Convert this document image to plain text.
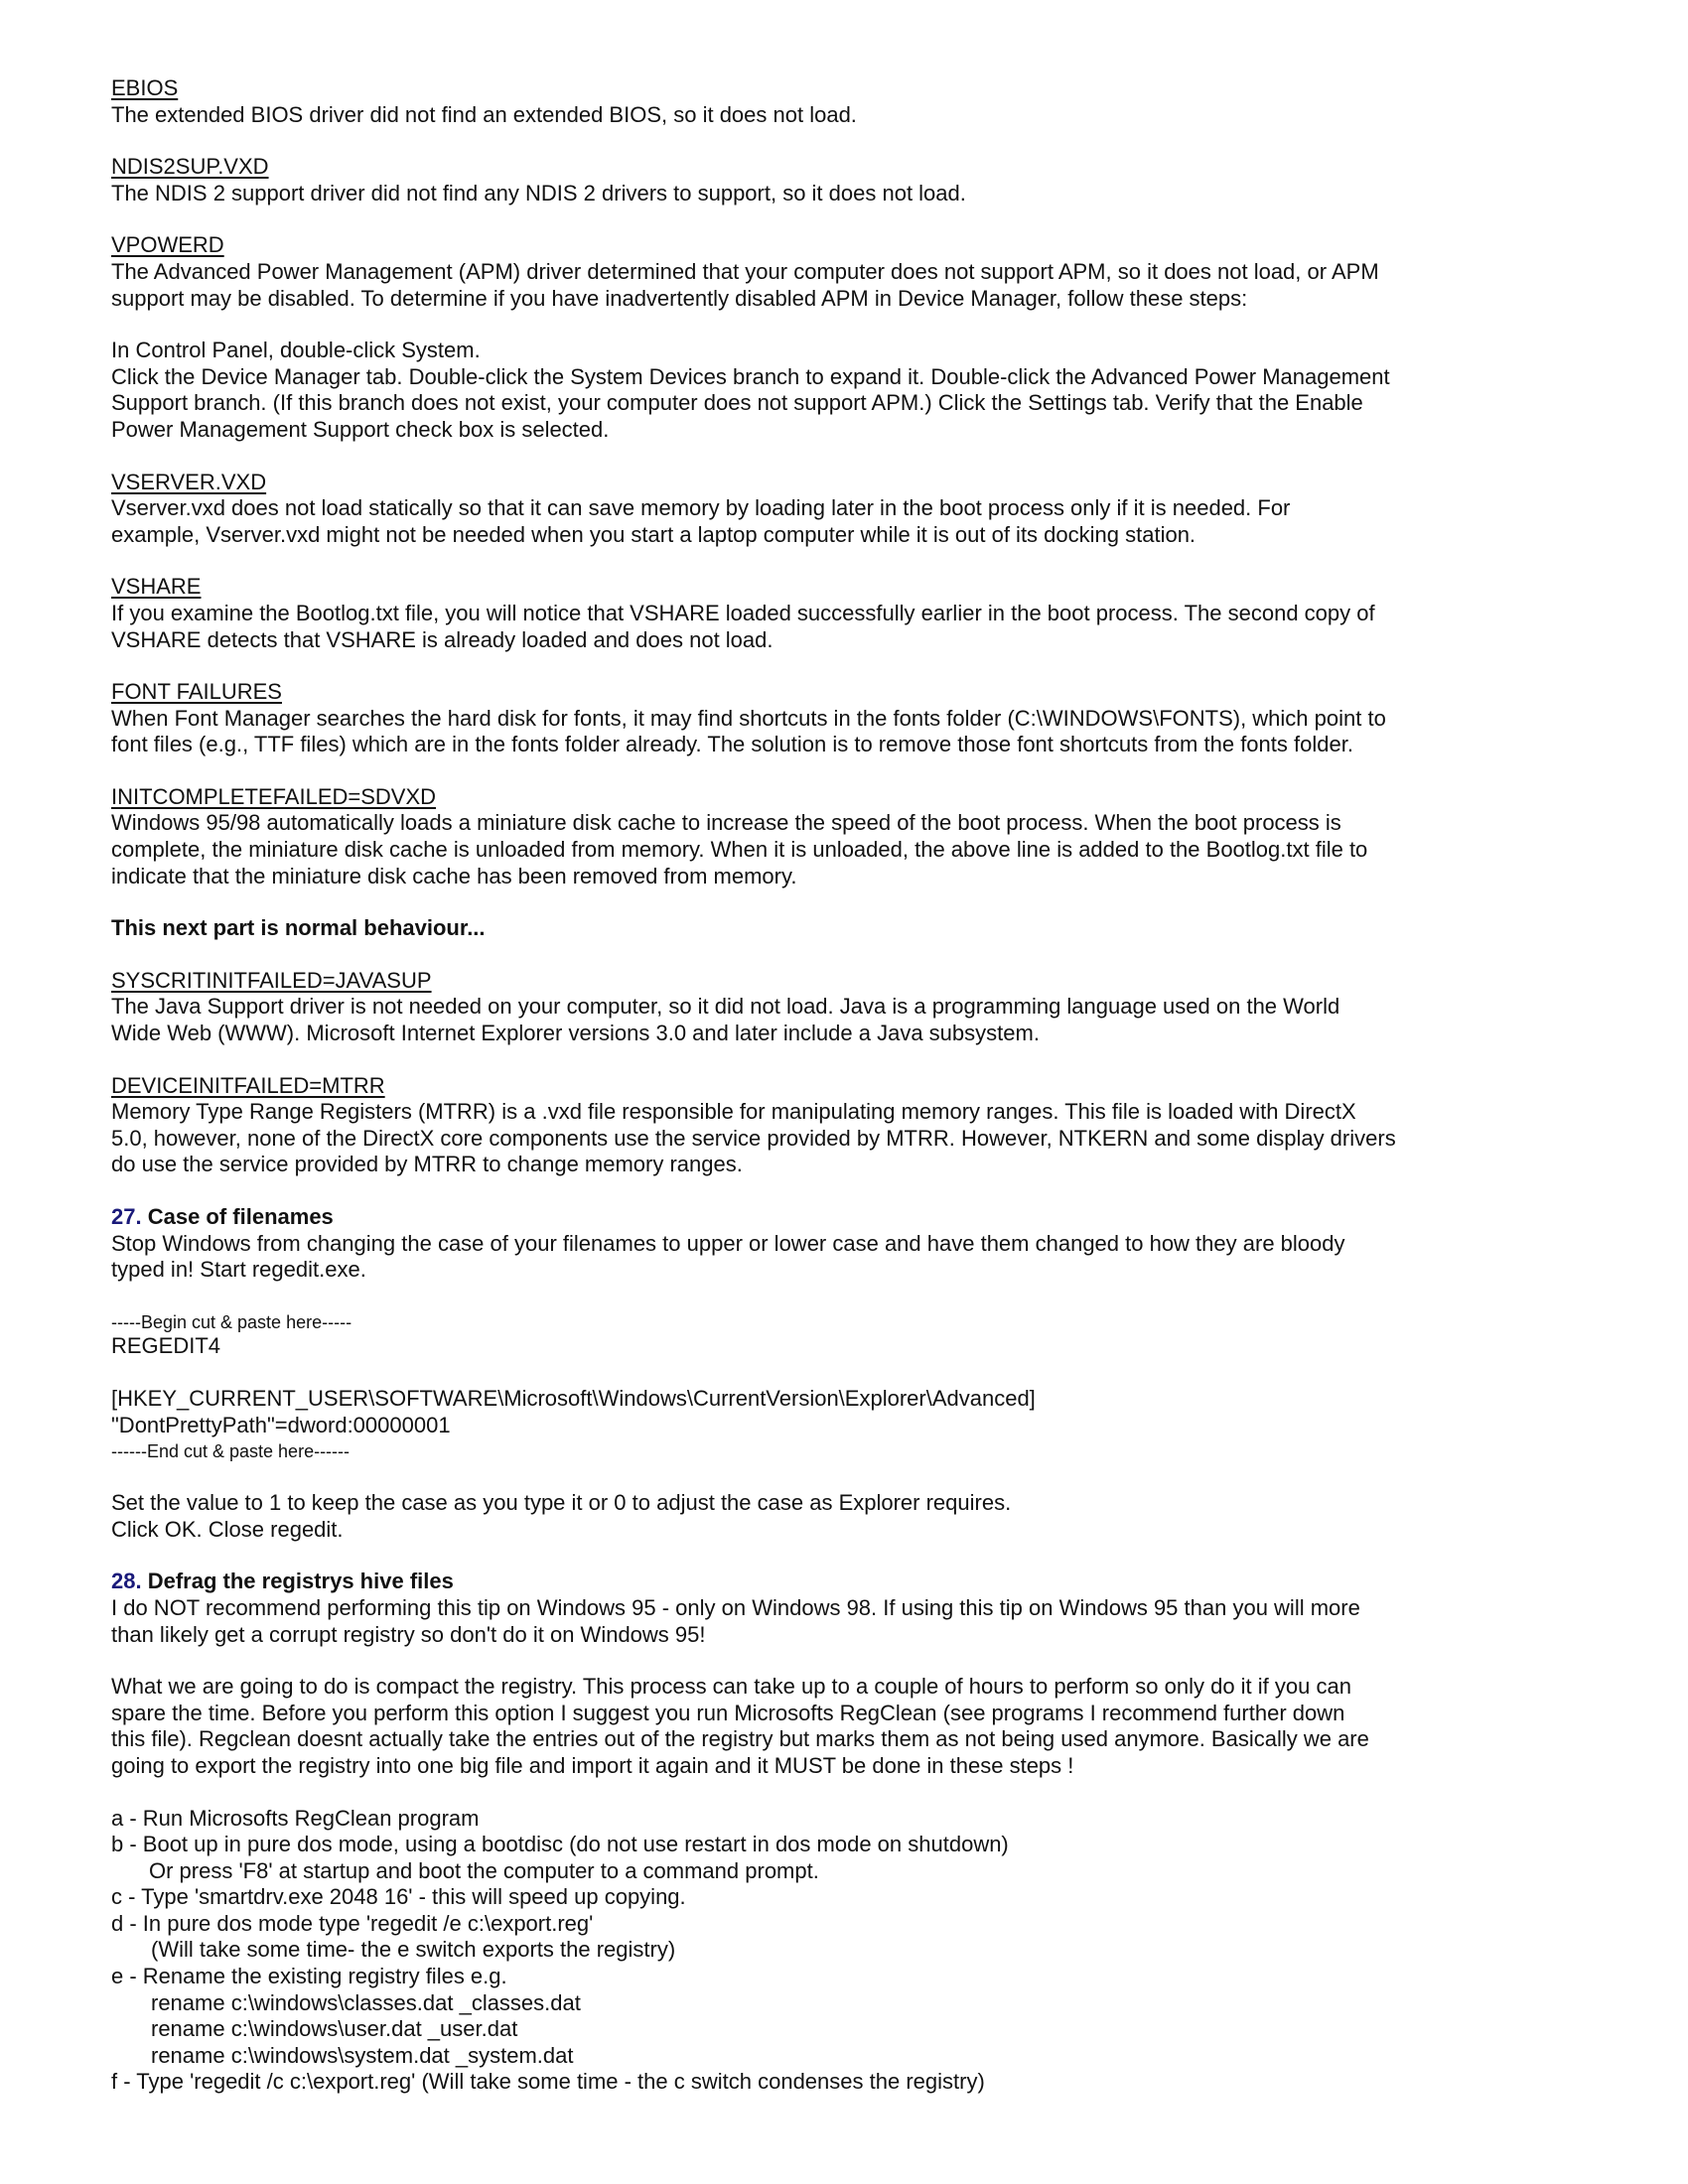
EBIOS
The extended BIOS driver did not find an extended BIOS, so it does not load.
NDIS2SUP.VXD
The NDIS 2 support driver did not find any NDIS 2 drivers to support, so it does not load.
VPOWERD
The Advanced Power Management (APM) driver determined that your computer does not support APM, so it does not load, or APM
support may be disabled. To determine if you have inadvertently disabled APM in Device Manager, follow these steps:
In Control Panel, double-click System.
Click the Device Manager tab. Double-click the System Devices branch to expand it. Double-click the Advanced Power Management
Support branch. (If this branch does not exist, your computer does not support APM.) Click the Settings tab. Verify that the Enable
Power Management Support check box is selected.
VSERVER.VXD
Vserver.vxd does not load statically so that it can save memory by loading later in the boot process only if it is needed. For
example, Vserver.vxd might not be needed when you start a laptop computer while it is out of its docking station.
VSHARE
If you examine the Bootlog.txt file, you will notice that VSHARE loaded successfully earlier in the boot process. The second copy of
VSHARE detects that VSHARE is already loaded and does not load.
FONT FAILURES
When Font Manager searches the hard disk for fonts, it may find shortcuts in the fonts folder (C:\WINDOWS\FONTS), which point to
font files (e.g., TTF files) which are in the fonts folder already. The solution is to remove those font shortcuts from the fonts folder.
INITCOMPLETEFAILED=SDVXD
Windows 95/98 automatically loads a miniature disk cache to increase the speed of the boot process. When the boot process is
complete, the miniature disk cache is unloaded from memory. When it is unloaded, the above line is added to the Bootlog.txt file to
indicate that the miniature disk cache has been removed from memory.
This next part is normal behaviour...
SYSCRITINITFAILED=JAVASUP
The Java Support driver is not needed on your computer, so it did not load. Java is a programming language used on the World
Wide Web (WWW). Microsoft Internet Explorer versions 3.0 and later include a Java subsystem.
DEVICEINITFAILED=MTRR
Memory Type Range Registers (MTRR) is a .vxd file responsible for manipulating memory ranges. This file is loaded with DirectX
5.0, however, none of the DirectX core components use the service provided by MTRR. However, NTKERN and some display drivers
do use the service provided by MTRR to change memory ranges.
27. Case of filenames
Stop Windows from changing the case of your filenames to upper or lower case and have them changed to how they are bloody
typed in! Start regedit.exe.
-----Begin cut & paste here-----
REGEDIT4
[HKEY_CURRENT_USER\SOFTWARE\Microsoft\Windows\CurrentVersion\Explorer\Advanced]
"DontPrettyPath"=dword:00000001
------End cut & paste here------
Set the value to 1 to keep the case as you type it or 0 to adjust the case as Explorer requires.
Click OK. Close regedit.
28. Defrag the registrys hive files
I do NOT recommend performing this tip on Windows 95 - only on Windows 98. If using this tip on Windows 95 than you will more
than likely get a corrupt registry so don't do it on Windows 95!
What we are going to do is compact the registry. This process can take up to a couple of hours to perform so only do it if you can
spare the time. Before you perform this option I suggest you run Microsofts RegClean (see programs I recommend further down
this file). Regclean doesnt actually take the entries out of the registry but marks them as not being used anymore. Basically we are
going to export the registry into one big file and import it again and it MUST be done in these steps !
a - Run Microsofts RegClean program
b - Boot up in pure dos mode, using a bootdisc (do not use restart in dos mode on shutdown)
Or press 'F8' at startup and boot the computer to a command prompt.
c - Type 'smartdrv.exe 2048 16' - this will speed up copying.
d - In pure dos mode type 'regedit /e c:\export.reg'
(Will take some time- the e switch exports the registry)
e - Rename the existing registry files e.g.
rename c:\windows\classes.dat _classes.dat
rename c:\windows\user.dat _user.dat
rename c:\windows\system.dat _system.dat
f - Type 'regedit /c c:\export.reg' (Will take some time - the c switch condenses the registry)
